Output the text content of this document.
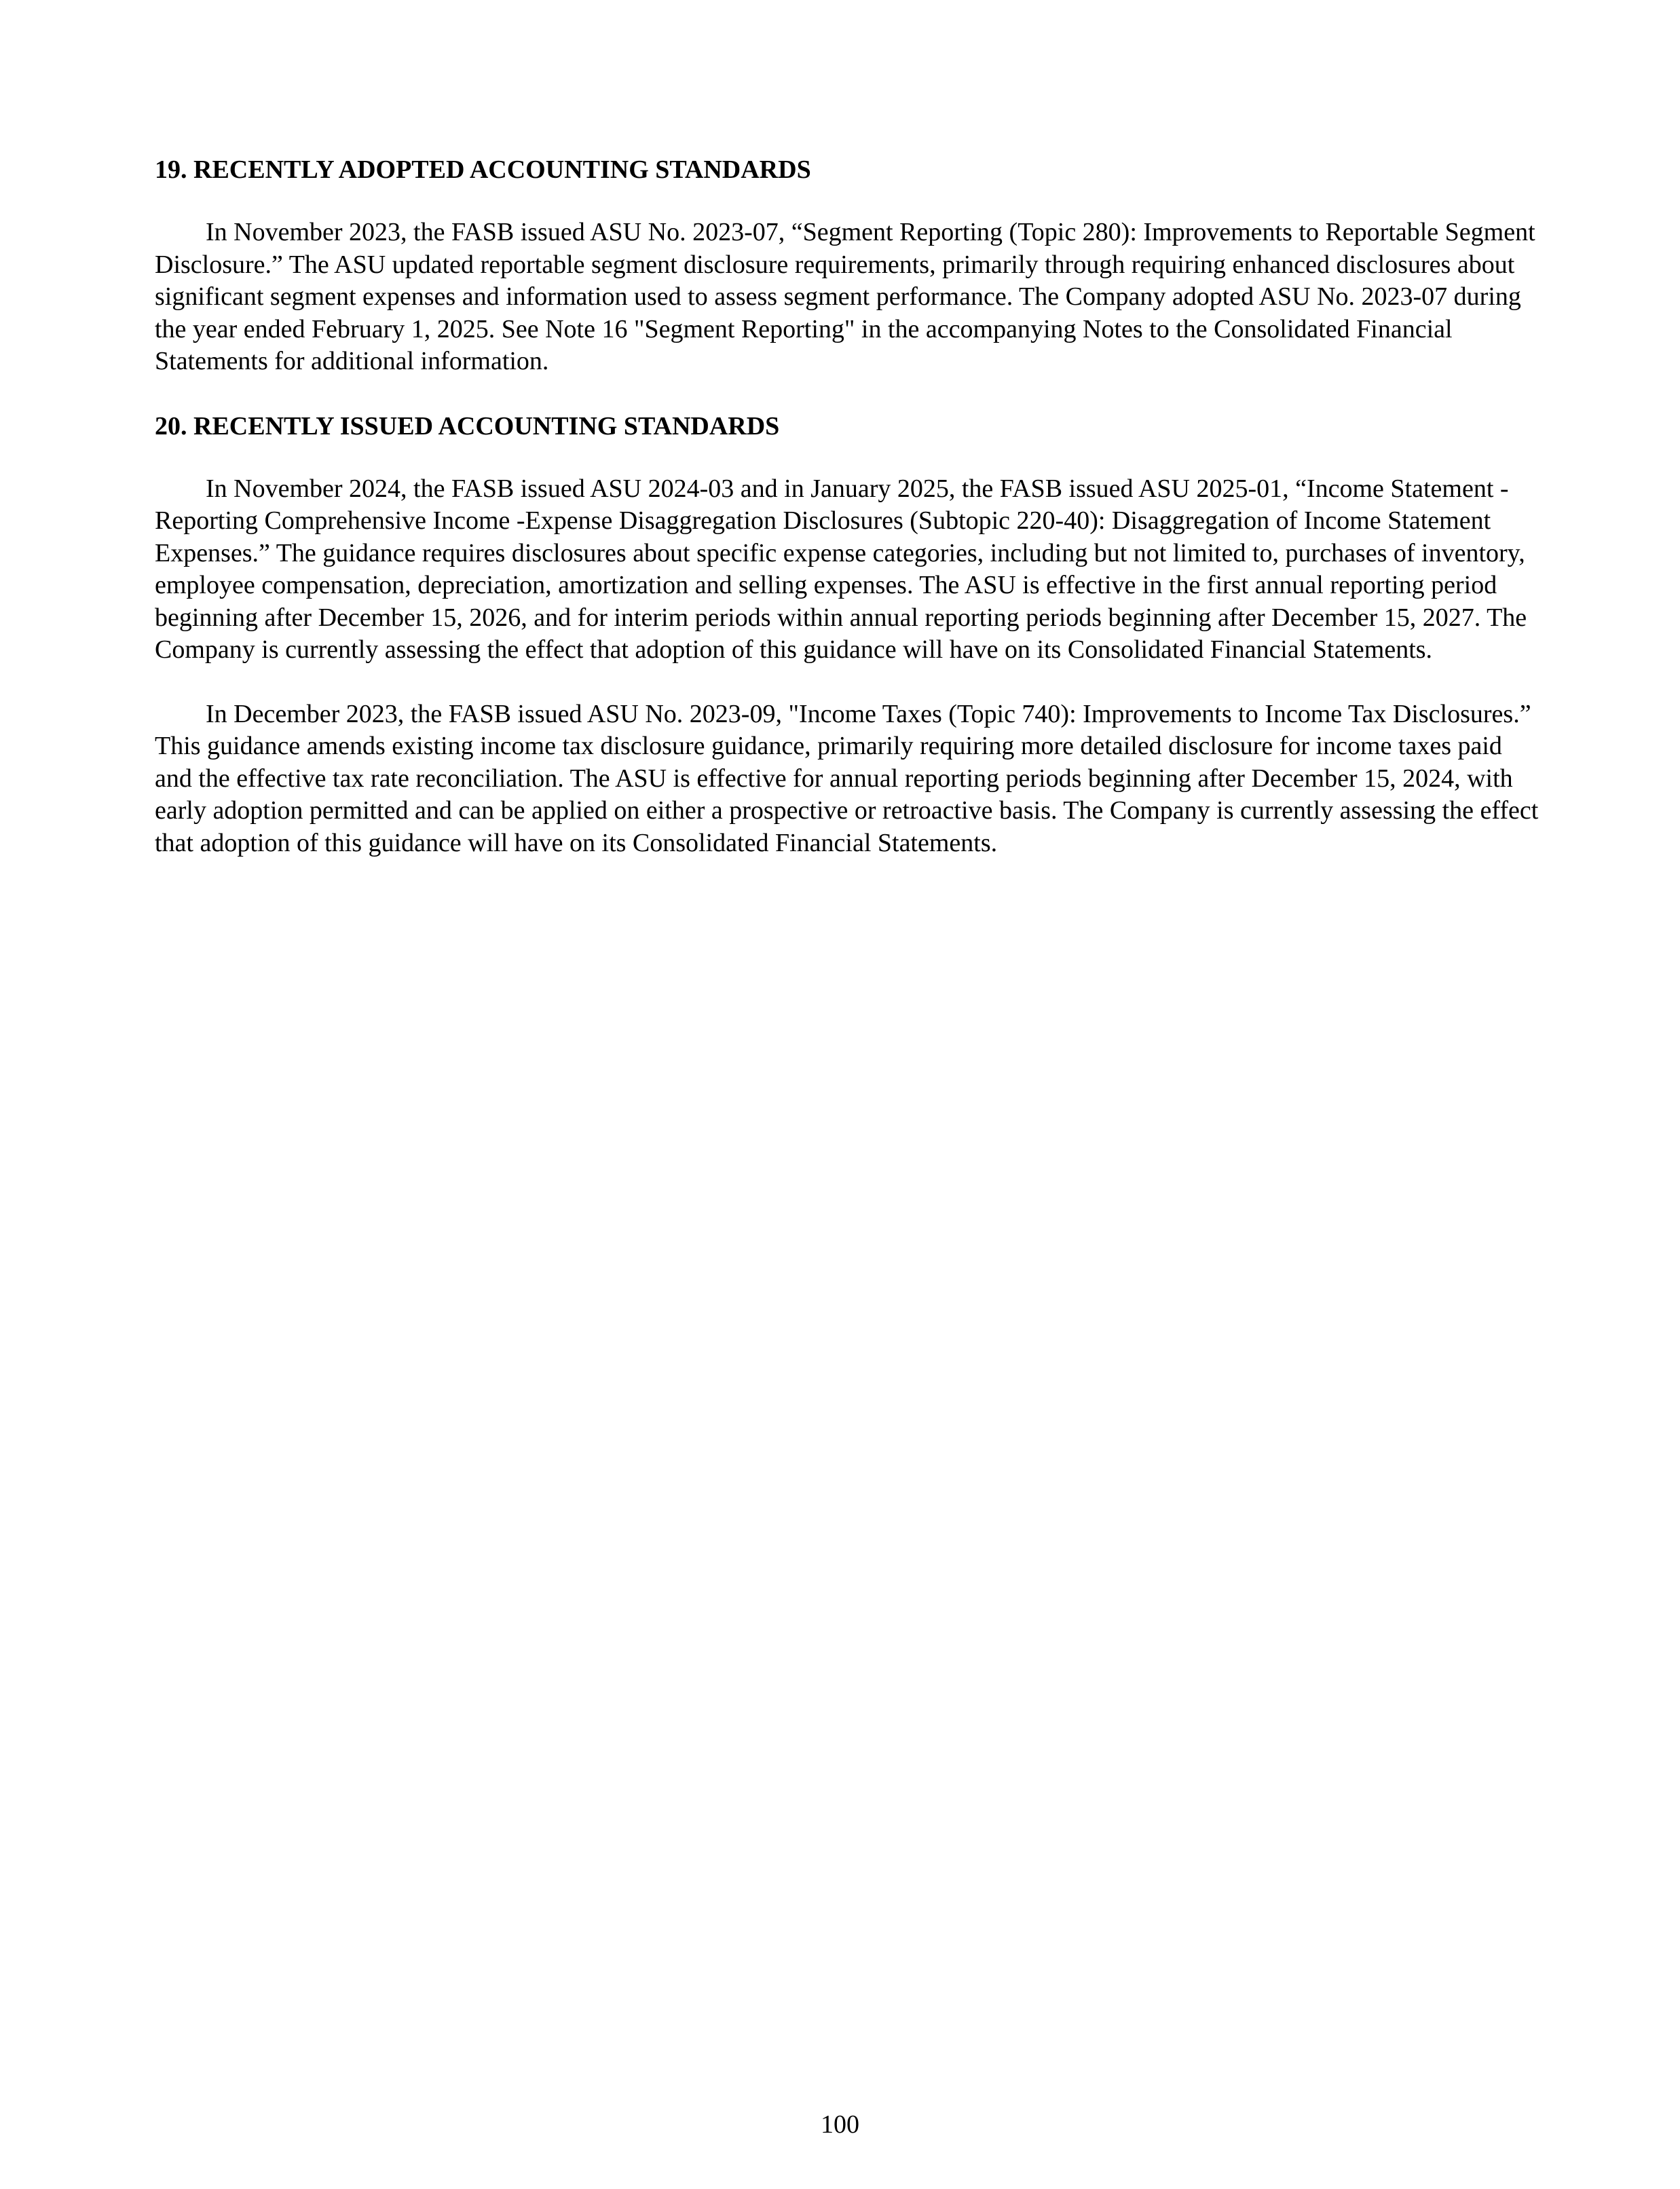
19. RECENTLY ADOPTED ACCOUNTING STANDARDS

In November 2023, the FASB issued ASU No. 2023-07, “Segment Reporting (Topic 280): Improvements to Reportable Segment Disclosure.” The ASU updated reportable segment disclosure requirements, primarily through requiring enhanced disclosures about significant segment expenses and information used to assess segment performance. The Company adopted ASU No. 2023-07 during the year ended February 1, 2025. See Note 16 "Segment Reporting" in the accompanying Notes to the Consolidated Financial Statements for additional information.

20. RECENTLY ISSUED ACCOUNTING STANDARDS

In November 2024, the FASB issued ASU 2024-03 and in January 2025, the FASB issued ASU 2025-01, “Income Statement - Reporting Comprehensive Income -Expense Disaggregation Disclosures (Subtopic 220-40): Disaggregation of Income Statement Expenses.” The guidance requires disclosures about specific expense categories, including but not limited to, purchases of inventory, employee compensation, depreciation, amortization and selling expenses. The ASU is effective in the first annual reporting period beginning after December 15, 2026, and for interim periods within annual reporting periods beginning after December 15, 2027. The Company is currently assessing the effect that adoption of this guidance will have on its Consolidated Financial Statements.

In December 2023, the FASB issued ASU No. 2023-09, "Income Taxes (Topic 740): Improvements to Income Tax Disclosures.” This guidance amends existing income tax disclosure guidance, primarily requiring more detailed disclosure for income taxes paid and the effective tax rate reconciliation. The ASU is effective for annual reporting periods beginning after December 15, 2024, with early adoption permitted and can be applied on either a prospective or retroactive basis. The Company is currently assessing the effect that adoption of this guidance will have on its Consolidated Financial Statements.

100
